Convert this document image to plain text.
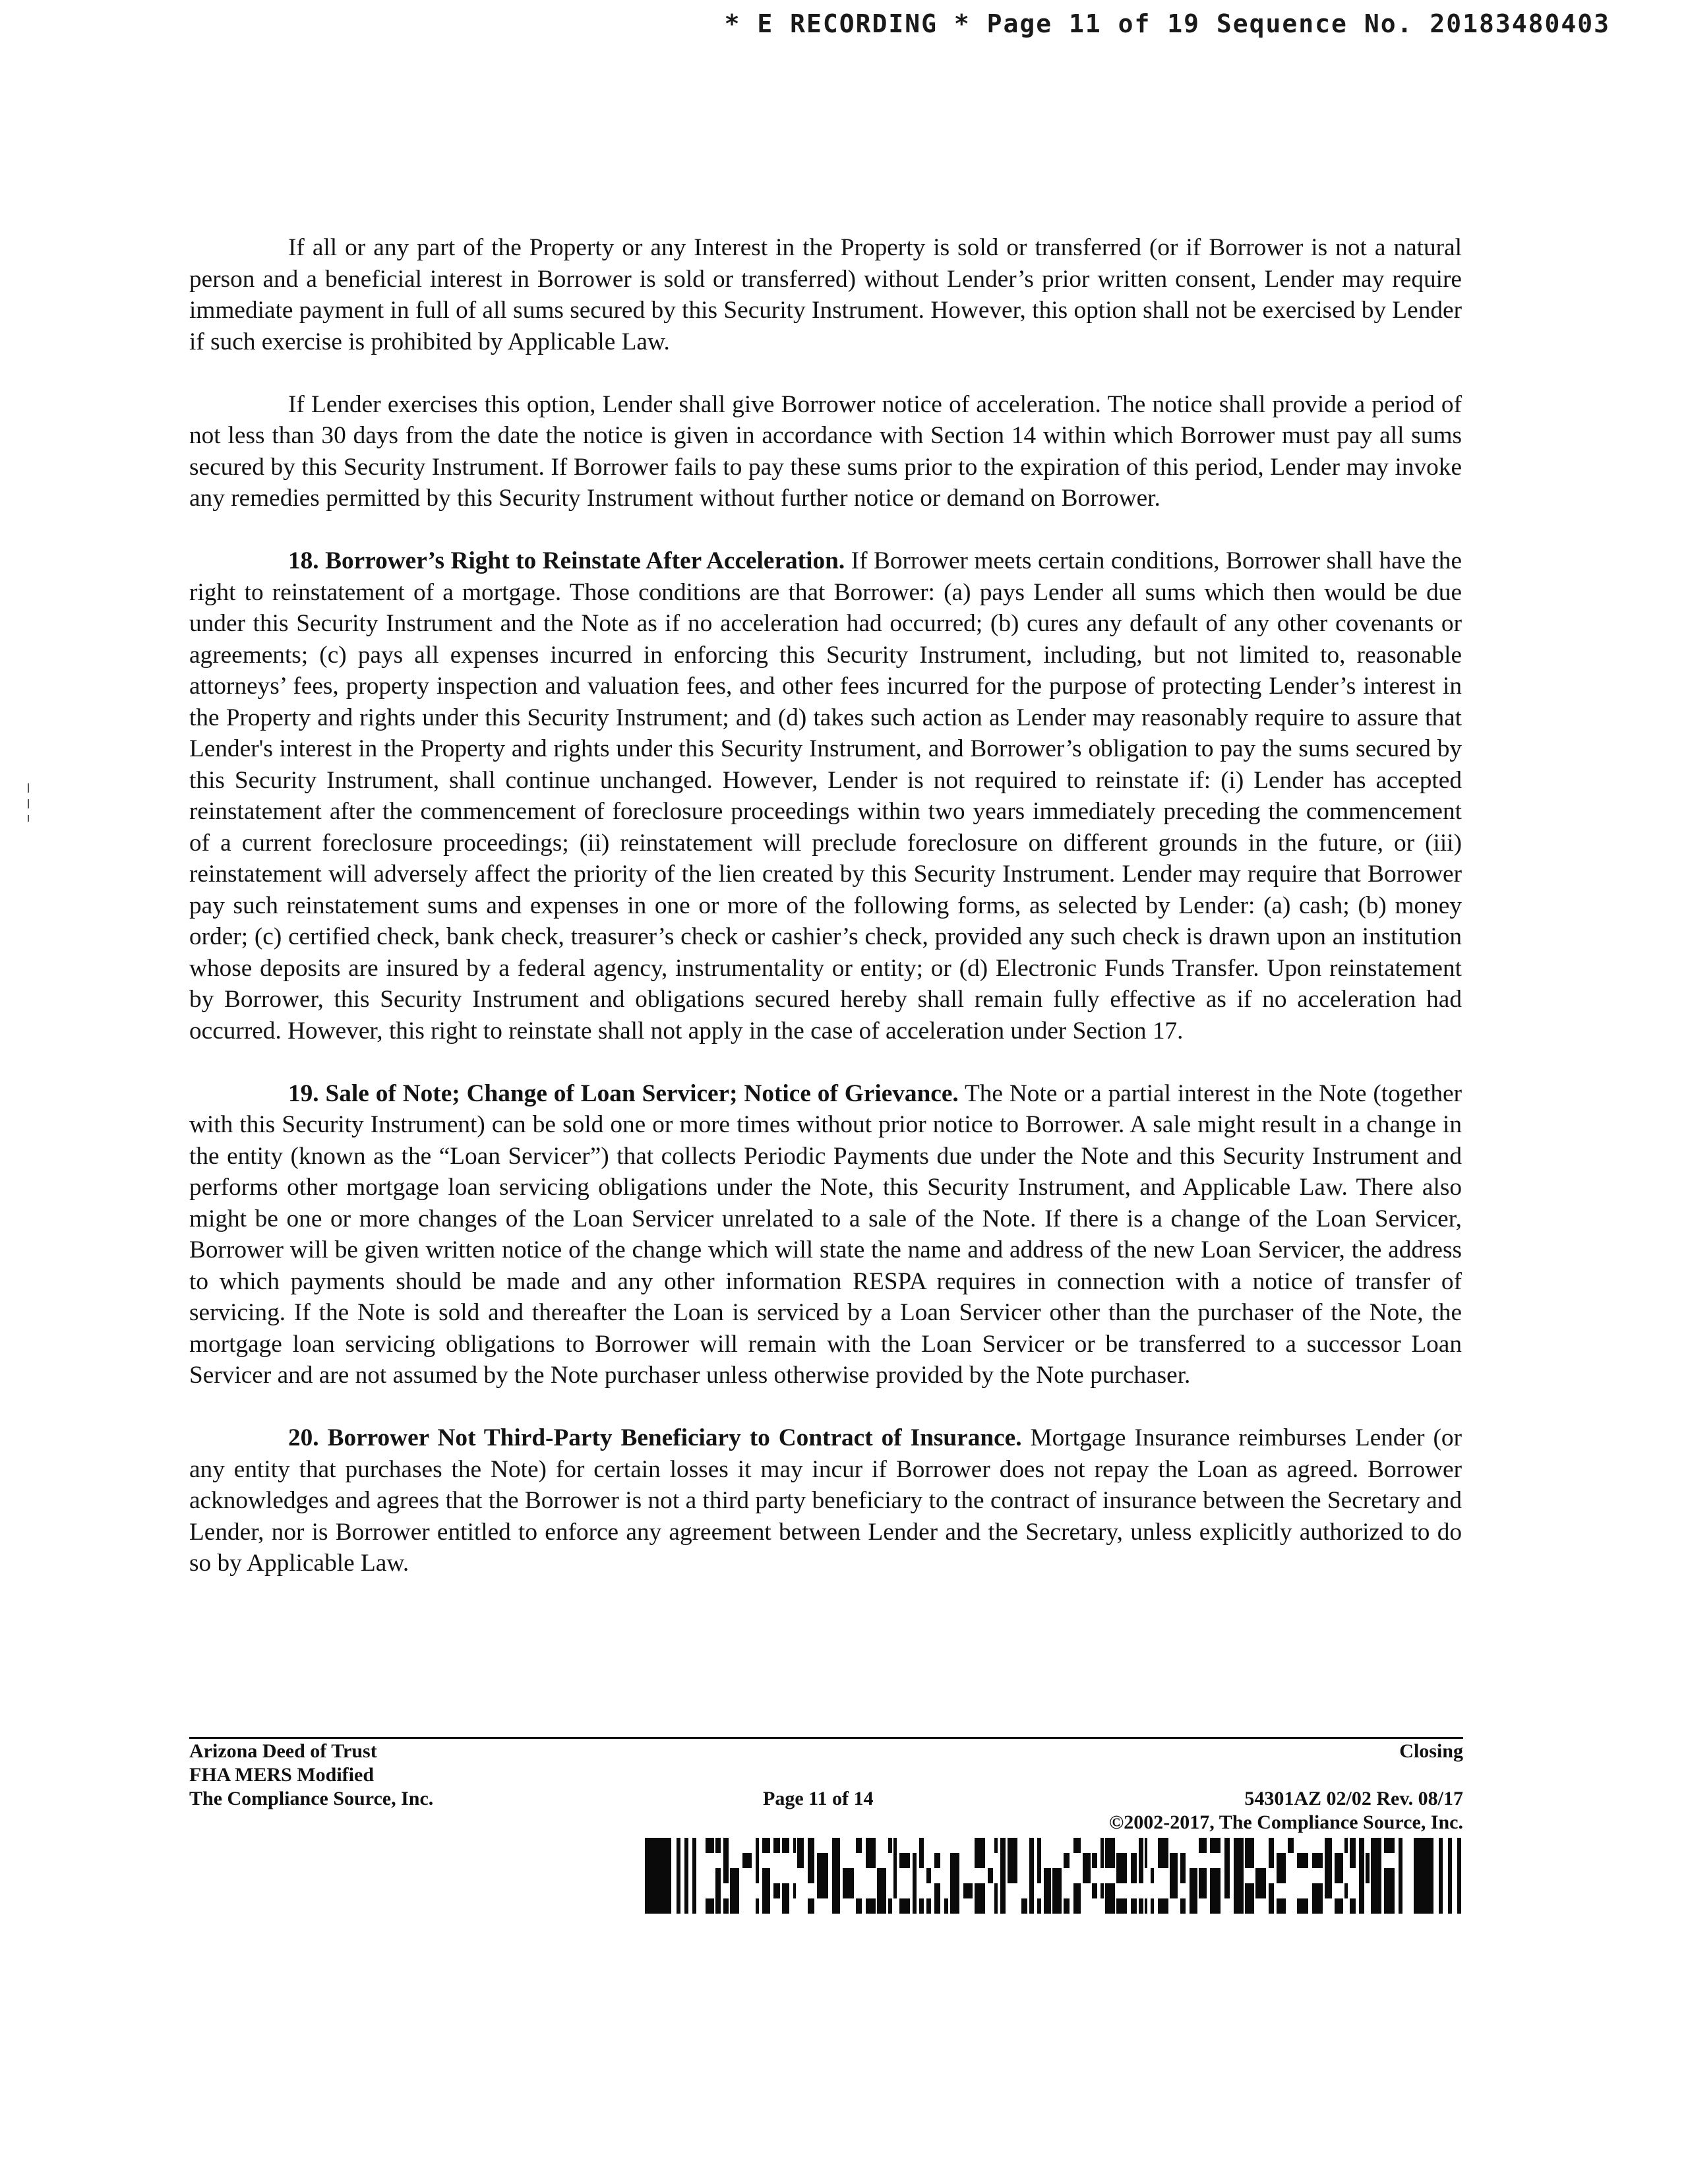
* E RECORDING * Page 11 of 19 Sequence No. 20183480403

If all or any part of the Property or any Interest in the Property is sold or transferred (or if Borrower is not a natural person and a beneficial interest in Borrower is sold or transferred) without Lender’s prior written consent, Lender may require immediate payment in full of all sums secured by this Security Instrument. However, this option shall not be exercised by Lender if such exercise is prohibited by Applicable Law.

If Lender exercises this option, Lender shall give Borrower notice of acceleration. The notice shall provide a period of not less than 30 days from the date the notice is given in accordance with Section 14 within which Borrower must pay all sums secured by this Security Instrument. If Borrower fails to pay these sums prior to the expiration of this period, Lender may invoke any remedies permitted by this Security Instrument without further notice or demand on Borrower.

18. Borrower’s Right to Reinstate After Acceleration. If Borrower meets certain conditions, Borrower shall have the right to reinstatement of a mortgage. Those conditions are that Borrower: (a) pays Lender all sums which then would be due under this Security Instrument and the Note as if no acceleration had occurred; (b) cures any default of any other covenants or agreements; (c) pays all expenses incurred in enforcing this Security Instrument, including, but not limited to, reasonable attorneys’ fees, property inspection and valuation fees, and other fees incurred for the purpose of protecting Lender’s interest in the Property and rights under this Security Instrument; and (d) takes such action as Lender may reasonably require to assure that Lender's interest in the Property and rights under this Security Instrument, and Borrower’s obligation to pay the sums secured by this Security Instrument, shall continue unchanged. However, Lender is not required to reinstate if: (i) Lender has accepted reinstatement after the commencement of foreclosure proceedings within two years immediately preceding the commencement of a current foreclosure proceedings; (ii) reinstatement will preclude foreclosure on different grounds in the future, or (iii) reinstatement will adversely affect the priority of the lien created by this Security Instrument. Lender may require that Borrower pay such reinstatement sums and expenses in one or more of the following forms, as selected by Lender: (a) cash; (b) money order; (c) certified check, bank check, treasurer’s check or cashier’s check, provided any such check is drawn upon an institution whose deposits are insured by a federal agency, instrumentality or entity; or (d) Electronic Funds Transfer. Upon reinstatement by Borrower, this Security Instrument and obligations secured hereby shall remain fully effective as if no acceleration had occurred. However, this right to reinstate shall not apply in the case of acceleration under Section 17.

19. Sale of Note; Change of Loan Servicer; Notice of Grievance. The Note or a partial interest in the Note (together with this Security Instrument) can be sold one or more times without prior notice to Borrower. A sale might result in a change in the entity (known as the “Loan Servicer”) that collects Periodic Payments due under the Note and this Security Instrument and performs other mortgage loan servicing obligations under the Note, this Security Instrument, and Applicable Law. There also might be one or more changes of the Loan Servicer unrelated to a sale of the Note. If there is a change of the Loan Servicer, Borrower will be given written notice of the change which will state the name and address of the new Loan Servicer, the address to which payments should be made and any other information RESPA requires in connection with a notice of transfer of servicing. If the Note is sold and thereafter the Loan is serviced by a Loan Servicer other than the purchaser of the Note, the mortgage loan servicing obligations to Borrower will remain with the Loan Servicer or be transferred to a successor Loan Servicer and are not assumed by the Note purchaser unless otherwise provided by the Note purchaser.

20. Borrower Not Third-Party Beneficiary to Contract of Insurance. Mortgage Insurance reimburses Lender (or any entity that purchases the Note) for certain losses it may incur if Borrower does not repay the Loan as agreed. Borrower acknowledges and agrees that the Borrower is not a third party beneficiary to the contract of insurance between the Secretary and Lender, nor is Borrower entitled to enforce any agreement between Lender and the Secretary, unless explicitly authorized to do so by Applicable Law.

Arizona Deed of Trust
FHA MERS Modified
The Compliance Source, Inc.	Page 11 of 14
Closing
54301AZ 02/02 Rev. 08/17
©2002-2017, The Compliance Source, Inc.
